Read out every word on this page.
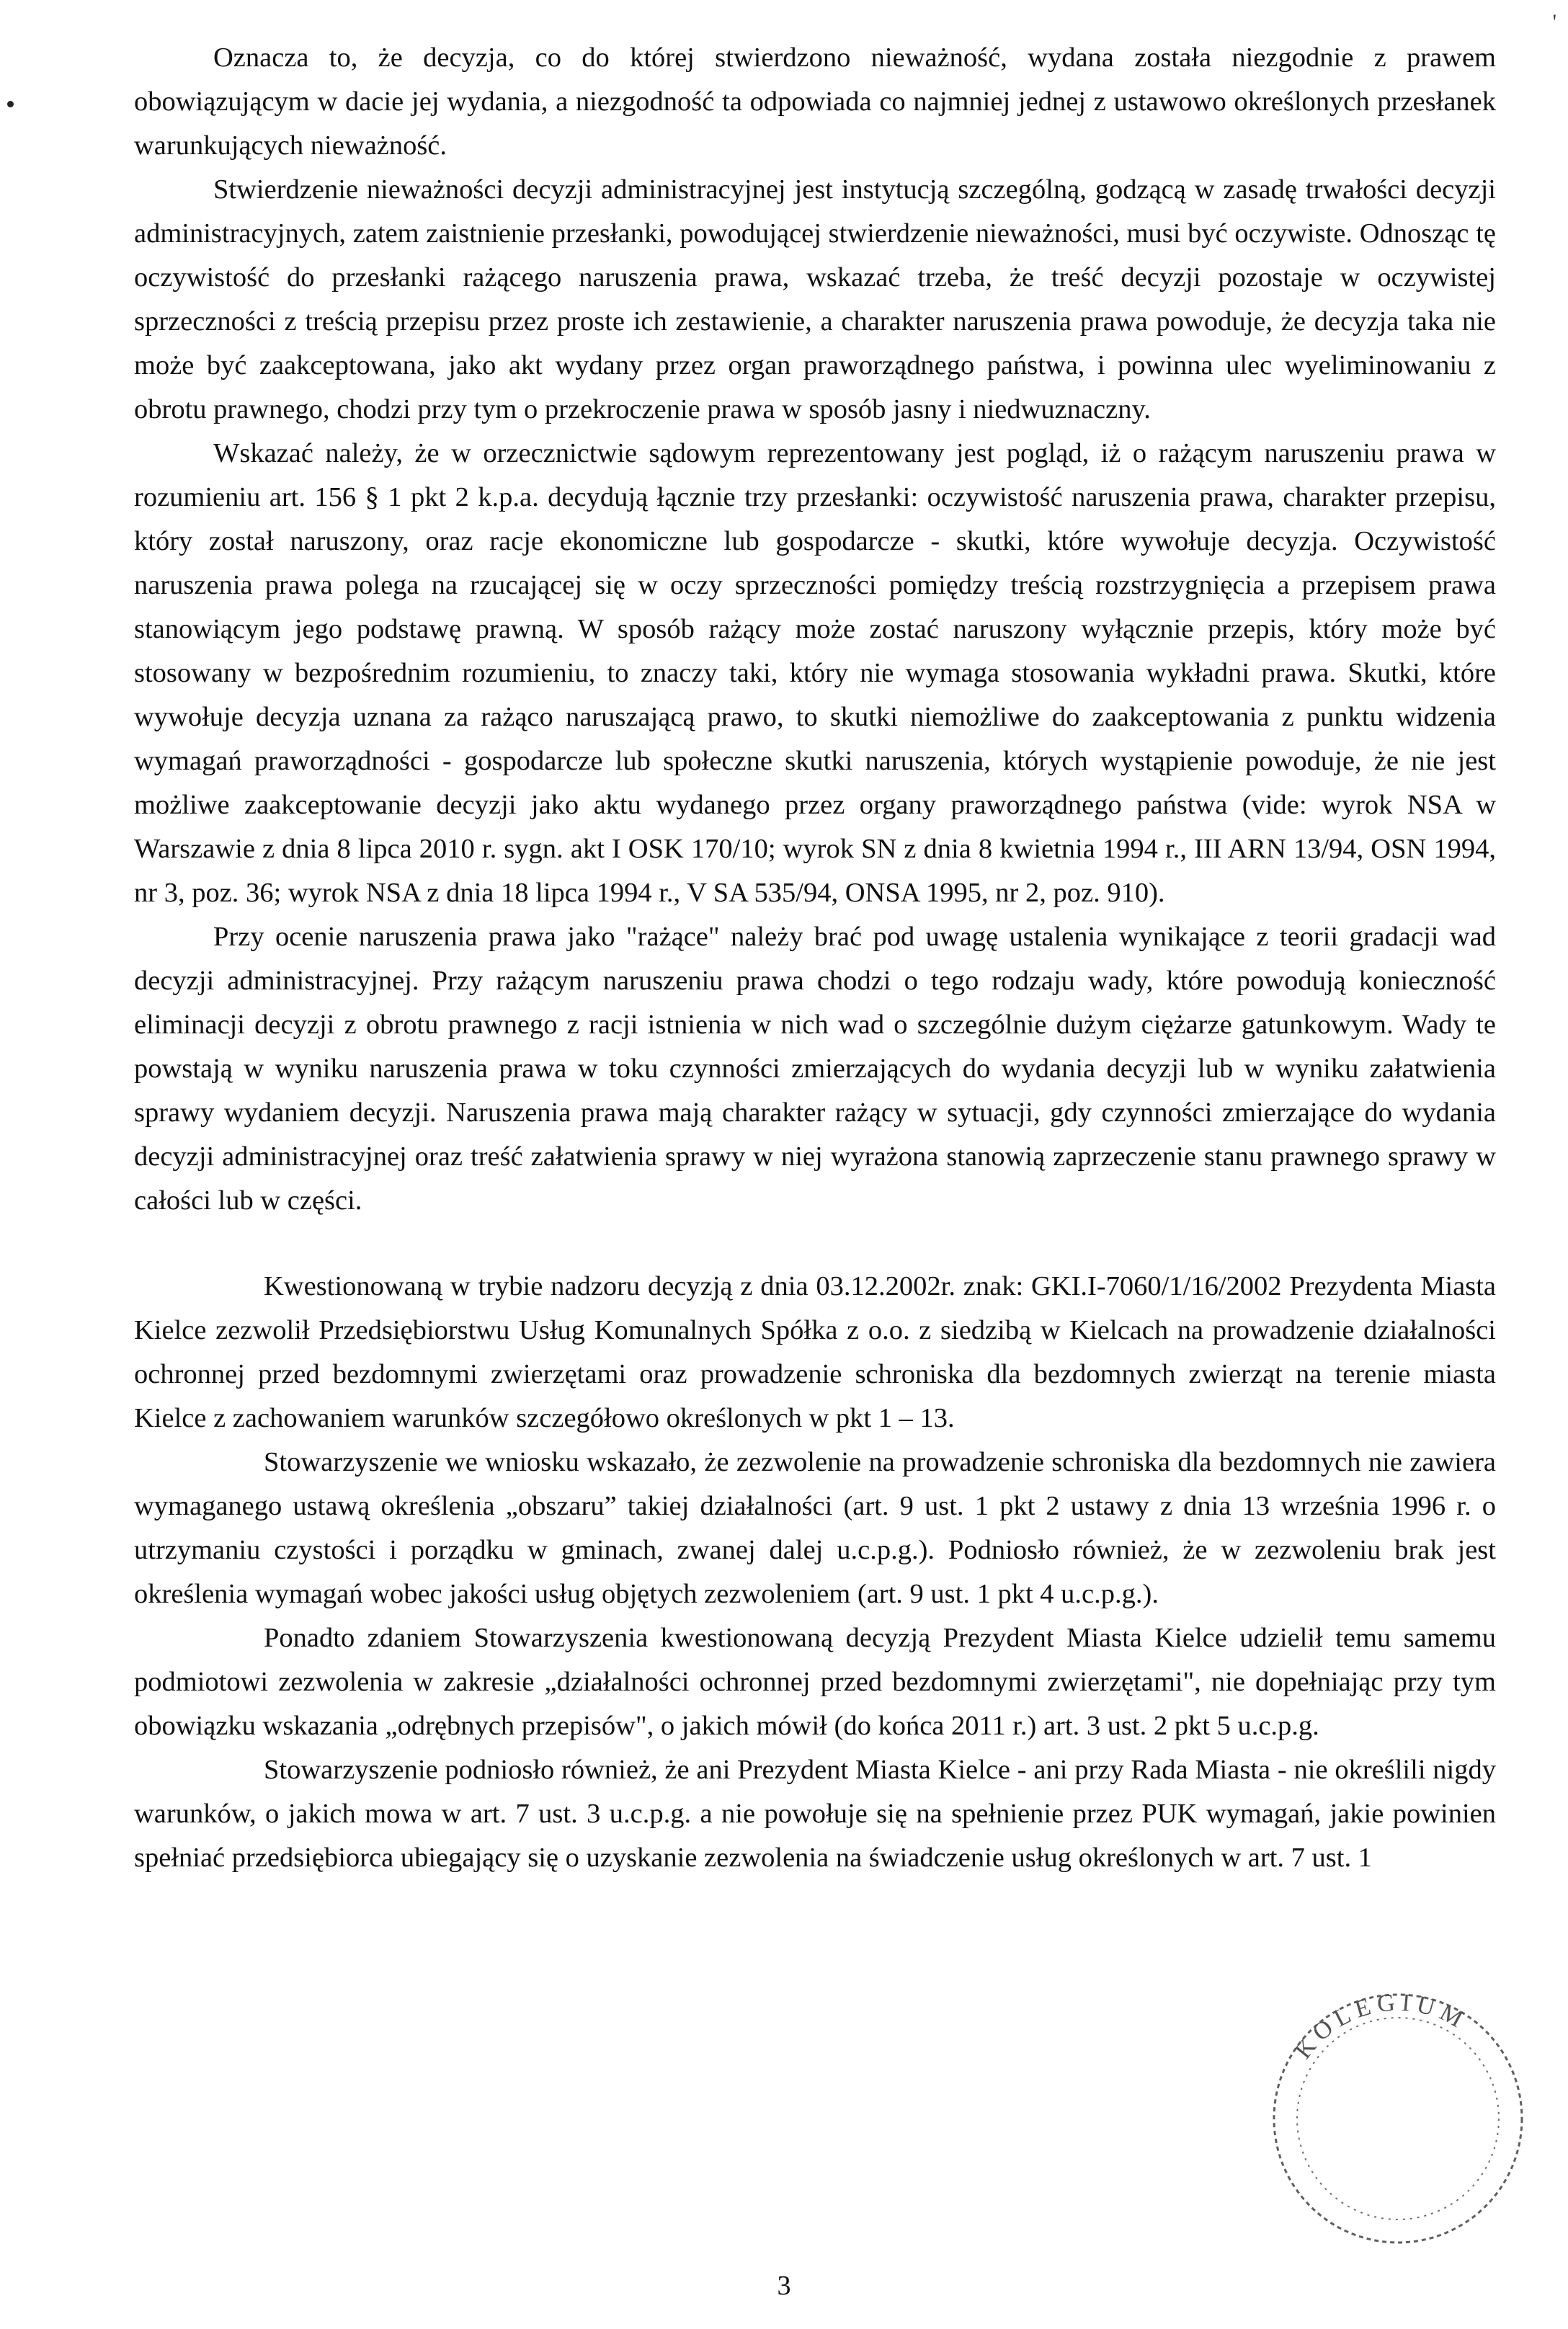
'

Oznacza to, że decyzja, co do której stwierdzono nieważność, wydana została niezgodnie z prawem obowiązującym w dacie jej wydania, a niezgodność ta odpowiada co najmniej jednej z ustawowo określonych przesłanek warunkujących nieważność.

Stwierdzenie nieważności decyzji administracyjnej jest instytucją szczególną, godzącą w zasadę trwałości decyzji administracyjnych, zatem zaistnienie przesłanki, powodującej stwierdzenie nieważności, musi być oczywiste. Odnosząc tę oczywistość do przesłanki rażącego naruszenia prawa, wskazać trzeba, że treść decyzji pozostaje w oczywistej sprzeczności z treścią przepisu przez proste ich zestawienie, a charakter naruszenia prawa powoduje, że decyzja taka nie może być zaakceptowana, jako akt wydany przez organ praworządnego państwa, i powinna ulec wyeliminowaniu z obrotu prawnego, chodzi przy tym o przekroczenie prawa w sposób jasny i niedwuznaczny.

Wskazać należy, że w orzecznictwie sądowym reprezentowany jest pogląd, iż o rażącym naruszeniu prawa w rozumieniu art. 156 § 1 pkt 2 k.p.a. decydują łącznie trzy przesłanki: oczywistość naruszenia prawa, charakter przepisu, który został naruszony, oraz racje ekonomiczne lub gospodarcze - skutki, które wywołuje decyzja. Oczywistość naruszenia prawa polega na rzucającej się w oczy sprzeczności pomiędzy treścią rozstrzygnięcia a przepisem prawa stanowiącym jego podstawę prawną. W sposób rażący może zostać naruszony wyłącznie przepis, który może być stosowany w bezpośrednim rozumieniu, to znaczy taki, który nie wymaga stosowania wykładni prawa. Skutki, które wywołuje decyzja uznana za rażąco naruszającą prawo, to skutki niemożliwe do zaakceptowania z punktu widzenia wymagań praworządności - gospodarcze lub społeczne skutki naruszenia, których wystąpienie powoduje, że nie jest możliwe zaakceptowanie decyzji jako aktu wydanego przez organy praworządnego państwa (vide: wyrok NSA w Warszawie z dnia 8 lipca 2010 r. sygn. akt I OSK 170/10; wyrok SN z dnia 8 kwietnia 1994 r., III ARN 13/94, OSN 1994, nr 3, poz. 36; wyrok NSA z dnia 18 lipca 1994 r., V SA 535/94, ONSA 1995, nr 2, poz. 910).

Przy ocenie naruszenia prawa jako "rażące" należy brać pod uwagę ustalenia wynikające z teorii gradacji wad decyzji administracyjnej. Przy rażącym naruszeniu prawa chodzi o tego rodzaju wady, które powodują konieczność eliminacji decyzji z obrotu prawnego z racji istnienia w nich wad o szczególnie dużym ciężarze gatunkowym. Wady te powstają w wyniku naruszenia prawa w toku czynności zmierzających do wydania decyzji lub w wyniku załatwienia sprawy wydaniem decyzji. Naruszenia prawa mają charakter rażący w sytuacji, gdy czynności zmierzające do wydania decyzji administracyjnej oraz treść załatwienia sprawy w niej wyrażona stanowią zaprzeczenie stanu prawnego sprawy w całości lub w części.

Kwestionowaną w trybie nadzoru decyzją z dnia 03.12.2002r. znak: GKI.I-7060/1/16/2002 Prezydenta Miasta Kielce zezwolił Przedsiębiorstwu Usług Komunalnych Spółka z o.o. z siedzibą w Kielcach na prowadzenie działalności ochronnej przed bezdomnymi zwierzętami oraz prowadzenie schroniska dla bezdomnych zwierząt na terenie miasta Kielce z zachowaniem warunków szczegółowo określonych w pkt 1 – 13.

Stowarzyszenie we wniosku wskazało, że zezwolenie na prowadzenie schroniska dla bezdomnych nie zawiera wymaganego ustawą określenia „obszaru” takiej działalności (art. 9 ust. 1 pkt 2 ustawy z dnia 13 września 1996 r. o utrzymaniu czystości i porządku w gminach, zwanej dalej u.c.p.g.). Podniosło również, że w zezwoleniu brak jest określenia wymagań wobec jakości usług objętych zezwoleniem (art. 9 ust. 1 pkt 4 u.c.p.g.).

Ponadto zdaniem Stowarzyszenia kwestionowaną decyzją Prezydent Miasta Kielce udzielił temu samemu podmiotowi zezwolenia w zakresie „działalności ochronnej przed bezdomnymi zwierzętami", nie dopełniając przy tym obowiązku wskazania „odrębnych przepisów", o jakich mówił (do końca 2011 r.) art. 3 ust. 2 pkt 5 u.c.p.g.

Stowarzyszenie podniosło również, że ani Prezydent Miasta Kielce - ani przy Rada Miasta - nie określili nigdy warunków, o jakich mowa w art. 7 ust. 3 u.c.p.g. a nie powołuje się na spełnienie przez PUK wymagań, jakie powinien spełniać przedsiębiorca ubiegający się o uzyskanie zezwolenia na świadczenie usług określonych w art. 7 ust. 1

KOLEGIUM
3
